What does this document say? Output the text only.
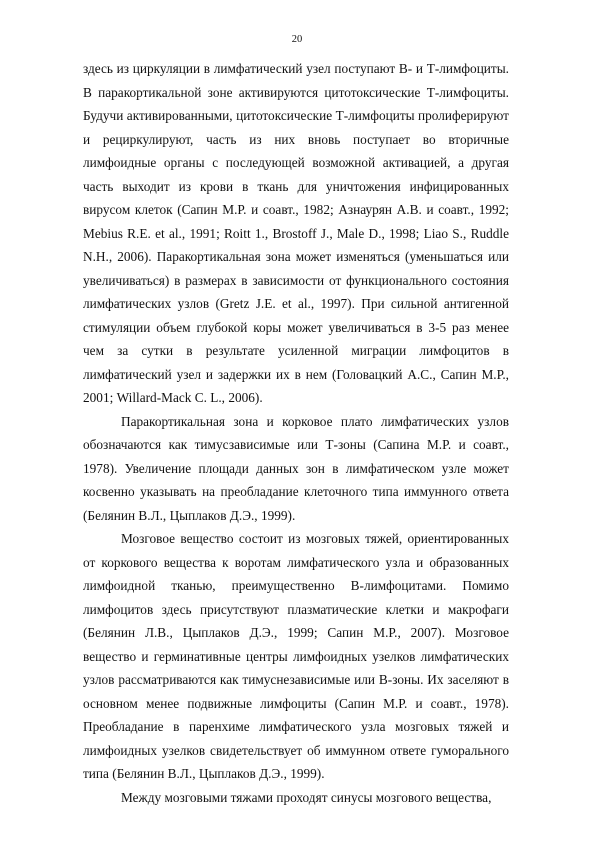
20

здесь из циркуляции в лимфатический узел поступают В- и Т-лимфоциты. В паракортикальной зоне активируются цитотоксические Т-лимфоциты. Будучи активированными, цитотоксические Т-лимфоциты пролиферируют и рециркулируют, часть из них вновь поступает во вторичные лимфоидные органы с последующей возможной активацией, а другая часть выходит из крови в ткань для уничтожения инфицированных вирусом клеток (Сапин М.Р. и соавт., 1982; Азнаурян А.В. и соавт., 1992; Mebius R.E. et al., 1991; Roitt 1., Brostoff J., Male D., 1998; Liao S., Ruddle N.H., 2006). Паракортикальная зона может изменяться (уменьшаться или увеличиваться) в размерах в зависимости от функционального состояния лимфатических узлов (Gretz J.E. et al., 1997). При сильной антигенной стимуляции объем глубокой коры может увеличиваться в 3-5 раз менее чем за сутки в результате усиленной миграции лимфоцитов в лимфатический узел и задержки их в нем (Головацкий А.С., Сапин М.Р., 2001; Willard-Mack C. L., 2006).

Паракортикальная зона и корковое плато лимфатических узлов обозначаются как тимусзависимые или Т-зоны (Сапина М.Р. и соавт., 1978). Увеличение площади данных зон в лимфатическом узле может косвенно указывать на преобладание клеточного типа иммунного ответа (Белянин В.Л., Цыплаков Д.Э., 1999).

Мозговое вещество состоит из мозговых тяжей, ориентированных от коркового вещества к воротам лимфатического узла и образованных лимфоидной тканью, преимущественно В-лимфоцитами. Помимо лимфоцитов здесь присутствуют плазматические клетки и макрофаги (Белянин Л.В., Цыплаков Д.Э., 1999; Сапин М.Р., 2007). Мозговое вещество и герминативные центры лимфоидных узелков лимфатических узлов рассматриваются как тимуснезависимые или В-зоны. Их заселяют в основном менее подвижные лимфоциты (Сапин М.Р. и соавт., 1978). Преобладание в паренхиме лимфатического узла мозговых тяжей и лимфоидных узелков свидетельствует об иммунном ответе гуморального типа (Белянин В.Л., Цыплаков Д.Э., 1999).

Между мозговыми тяжами проходят синусы мозгового вещества,
